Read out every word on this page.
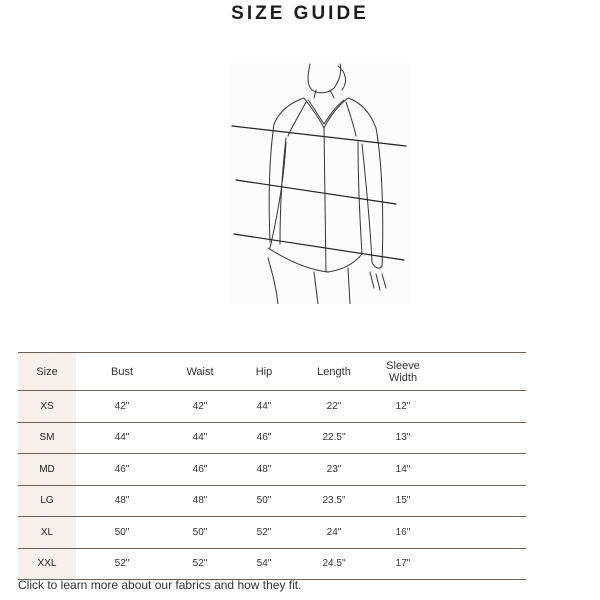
SIZE GUIDE
Size	Bust	Waist	Hip	Length	Sleeve
Width	
XS	42"	42"	44"	22"	12"	
SM	44"	44"	46"	22.5"	13"	
MD	46"	46"	48"	23"	14"	
LG	48"	48"	50"	23.5"	15"	
XL	50"	50"	52"	24"	16"	
XXL	52"	52"	54"	24.5"	17"	
Click to learn more about our fabrics and how they fit.
